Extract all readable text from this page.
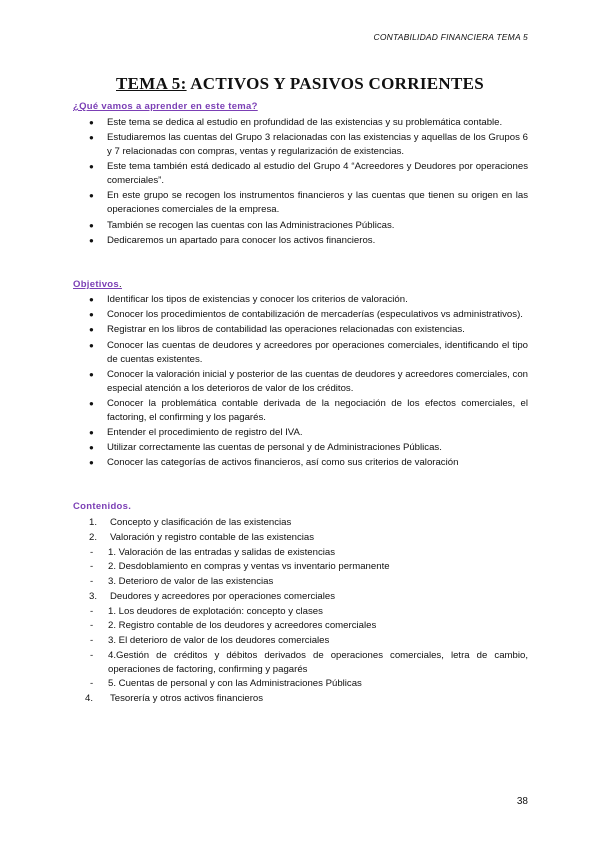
CONTABILIDAD FINANCIERA TEMA 5
TEMA 5: ACTIVOS Y PASIVOS CORRIENTES
¿Qué vamos a aprender en este tema?
● Este tema se dedica al estudio en profundidad de las existencias y su problemática contable.
● Estudiaremos las cuentas del Grupo 3 relacionadas con las existencias y aquellas de los Grupos 6 y 7 relacionadas con compras, ventas y regularización de existencias.
● Este tema también está dedicado al estudio del Grupo 4 “Acreedores y Deudores por operaciones comerciales”.
● En este grupo se recogen los instrumentos financieros y las cuentas que tienen su origen en las operaciones comerciales de la empresa.
● También se recogen las cuentas con las Administraciones Públicas.
● Dedicaremos un apartado para conocer los activos financieros.
Objetivos.
● Identificar los tipos de existencias y conocer los criterios de valoración.
● Conocer los procedimientos de contabilización de mercaderías (especulativos vs administrativos).
● Registrar en los libros de contabilidad las operaciones relacionadas con existencias.
● Conocer las cuentas de deudores y acreedores por operaciones comerciales, identificando el tipo de cuentas existentes.
● Conocer la valoración inicial y posterior de las cuentas de deudores y acreedores comerciales, con especial atención a los deterioros de valor de los créditos.
● Conocer la problemática contable derivada de la negociación de los efectos comerciales, el factoring, el confirming y los pagarés.
● Entender el procedimiento de registro del IVA.
● Utilizar correctamente las cuentas de personal y de Administraciones Públicas.
● Conocer las categorías de activos financieros, así como sus criterios de valoración
Contenidos.
1. Concepto y clasificación de las existencias
2. Valoración y registro contable de las existencias
- 1. Valoración de las entradas y salidas de existencias
- 2. Desdoblamiento en compras y ventas vs inventario permanente
- 3. Deterioro de valor de las existencias
3. Deudores y acreedores por operaciones comerciales
- 1. Los deudores de explotación: concepto y clases
- 2. Registro contable de los deudores y acreedores comerciales
- 3. El deterioro de valor de los deudores comerciales
- 4.Gestión de créditos y débitos derivados de operaciones comerciales, letra de cambio, operaciones de factoring, confirming y pagarés
- 5. Cuentas de personal y con las Administraciones Públicas
4. Tesorería y otros activos financieros
38
